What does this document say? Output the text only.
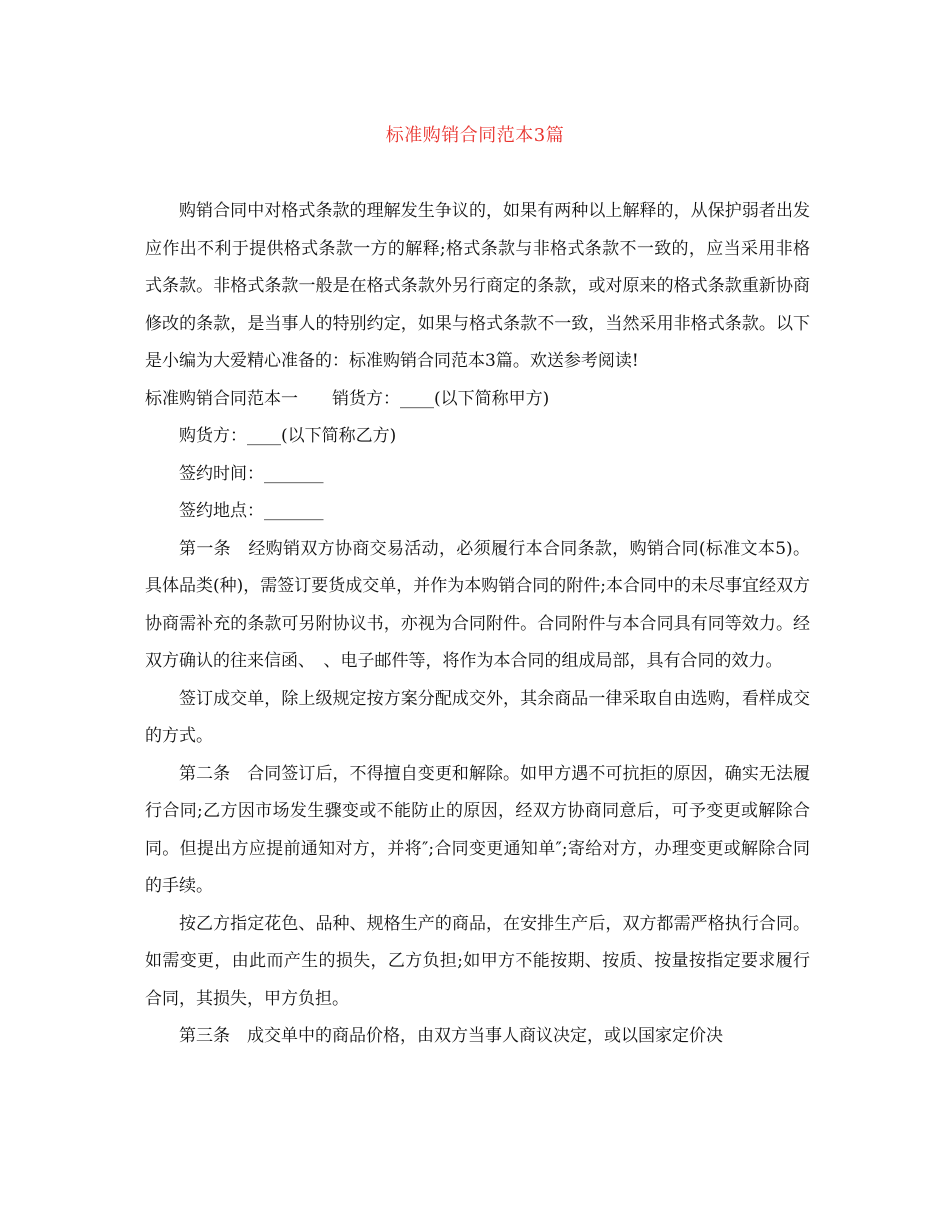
标准购销合同范本3篇

购销合同中对格式条款的理解发生争议的，如果有两种以上解释的，从保护弱者出发应作出不利于提供格式条款一方的解释;格式条款与非格式条款不一致的，应当采用非格式条款。非格式条款一般是在格式条款外另行商定的条款，或对原来的格式条款重新协商修改的条款，是当事人的特别约定，如果与格式条款不一致，当然采用非格式条款。以下是小编为大爱精心准备的：标准购销合同范本3篇。欢送参考阅读!

标准购销合同范本一　　销货方：____(以下简称甲方)

购货方：____(以下简称乙方)

签约时间：_______

签约地点：_______

第一条　经购销双方协商交易活动，必须履行本合同条款，购销合同(标准文本5)。具体品类(种)，需签订要货成交单，并作为本购销合同的附件;本合同中的未尽事宜经双方协商需补充的条款可另附协议书，亦视为合同附件。合同附件与本合同具有同等效力。经双方确认的往来信函、　、电子邮件等，将作为本合同的组成局部，具有合同的效力。

签订成交单，除上级规定按方案分配成交外，其余商品一律采取自由选购，看样成交的方式。

第二条　合同签订后，不得擅自变更和解除。如甲方遇不可抗拒的原因，确实无法履行合同;乙方因市场发生骤变或不能防止的原因，经双方协商同意后，可予变更或解除合同。但提出方应提前通知对方，并将″;合同变更通知单″;寄给对方，办理变更或解除合同的手续。

按乙方指定花色、品种、规格生产的商品，在安排生产后，双方都需严格执行合同。如需变更，由此而产生的损失，乙方负担;如甲方不能按期、按质、按量按指定要求履行合同，其损失，甲方负担。

第三条　成交单中的商品价格，由双方当事人商议决定，或以国家定价决
